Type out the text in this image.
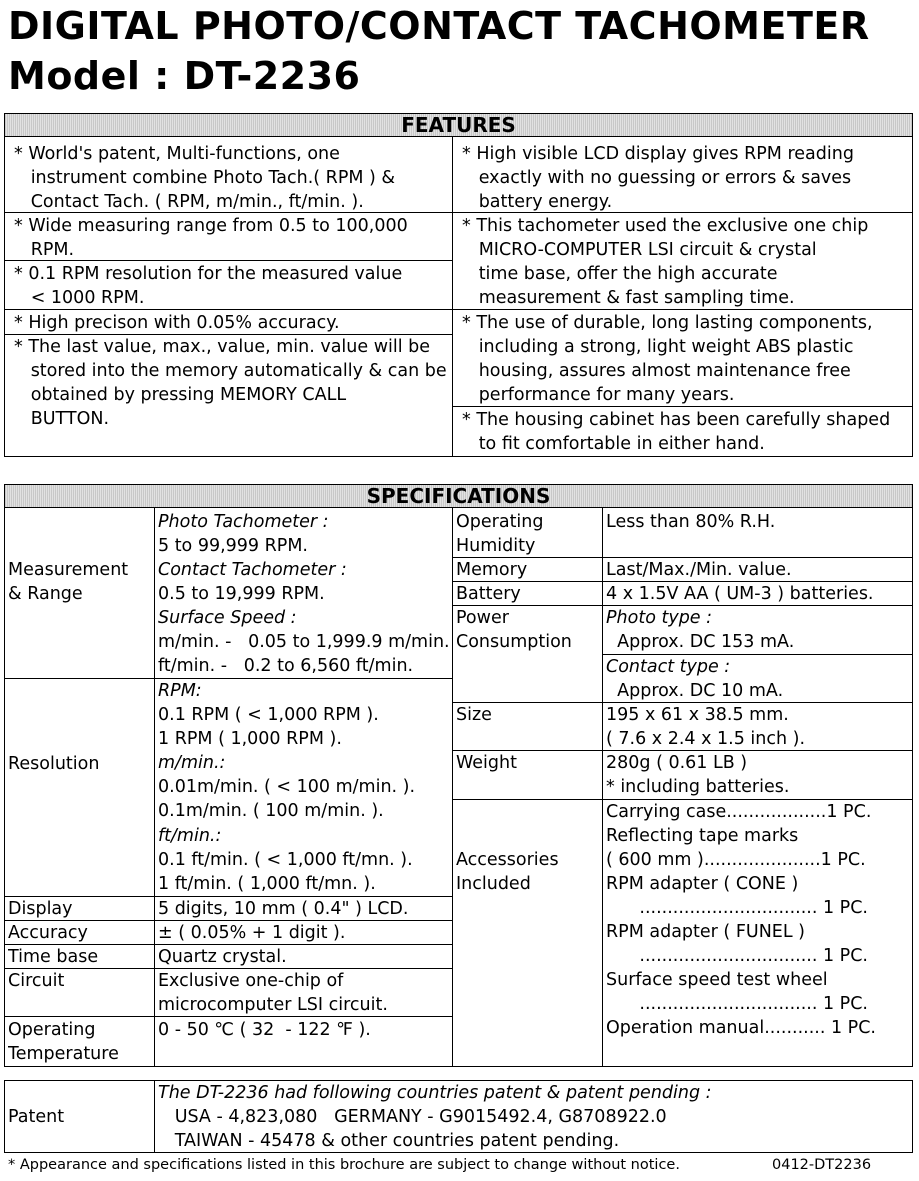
DIGITAL PHOTO/CONTACT TACHOMETER
Model : DT-2236
FEATURES
* World's patent, Multi-functions, one
instrument combine Photo Tach.( RPM ) &
Contact Tach. ( RPM, m/min., ft/min. ).
* Wide measuring range from 0.5 to 100,000
RPM.
* 0.1 RPM resolution for the measured value
< 1000 RPM.
* High precison with 0.05% accuracy.
* The last value, max., value, min. value will be
stored into the memory automatically & can be
obtained by pressing MEMORY CALL
BUTTON.
* High visible LCD display gives RPM reading
exactly with no guessing or errors & saves
battery energy.
* This tachometer used the exclusive one chip
MICRO-COMPUTER LSI circuit & crystal
time base, offer the high accurate
measurement & fast sampling time.
* The use of durable, long lasting components,
including a strong, light weight ABS plastic
housing, assures almost maintenance free
performance for many years.
* The housing cabinet has been carefully shaped
to fit comfortable in either hand.
SPECIFICATIONS
Measurement
& Range
Resolution
Display
Accuracy
Time base
Circuit
Operating
Temperature
Photo Tachometer :
5 to 99,999 RPM.
Contact Tachometer :
0.5 to 19,999 RPM.
Surface Speed :
m/min. -   0.05 to 1,999.9 m/min.
ft/min. -   0.2 to 6,560 ft/min.
RPM:
0.1 RPM ( < 1,000 RPM ).
1 RPM ( 1,000 RPM ).
m/min.:
0.01m/min. ( < 100 m/min. ).
0.1m/min. ( 100 m/min. ).
ft/min.:
0.1 ft/min. ( < 1,000 ft/mn. ).
1 ft/min. ( 1,000 ft/mn. ).
5 digits, 10 mm ( 0.4" ) LCD.
± ( 0.05% + 1 digit ).
Quartz crystal.
Exclusive one-chip of
microcomputer LSI circuit.
0 - 50 ℃ ( 32  - 122 ℉ ).
Operating
Humidity
Memory
Battery
Power
Consumption
Size
Weight
Accessories
Included
Less than 80% R.H.
Last/Max./Min. value.
4 x 1.5V AA ( UM-3 ) batteries.
Photo type :
Approx. DC 153 mA.
Contact type :
Approx. DC 10 mA.
195 x 61 x 38.5 mm.
( 7.6 x 2.4 x 1.5 inch ).
280g ( 0.61 LB )
* including batteries.
Carrying case..................1 PC.
Reflecting tape marks
( 600 mm ).....................1 PC.
RPM adapter ( CONE )
................................ 1 PC.
RPM adapter ( FUNEL )
................................ 1 PC.
Surface speed test wheel
................................ 1 PC.
Operation manual........... 1 PC.
Patent
The DT-2236 had following countries patent & patent pending :
USA - 4,823,080   GERMANY - G9015492.4, G8708922.0
TAIWAN - 45478 & other countries patent pending.
* Appearance and specifications listed in this brochure are subject to change without notice.	0412-DT2236
